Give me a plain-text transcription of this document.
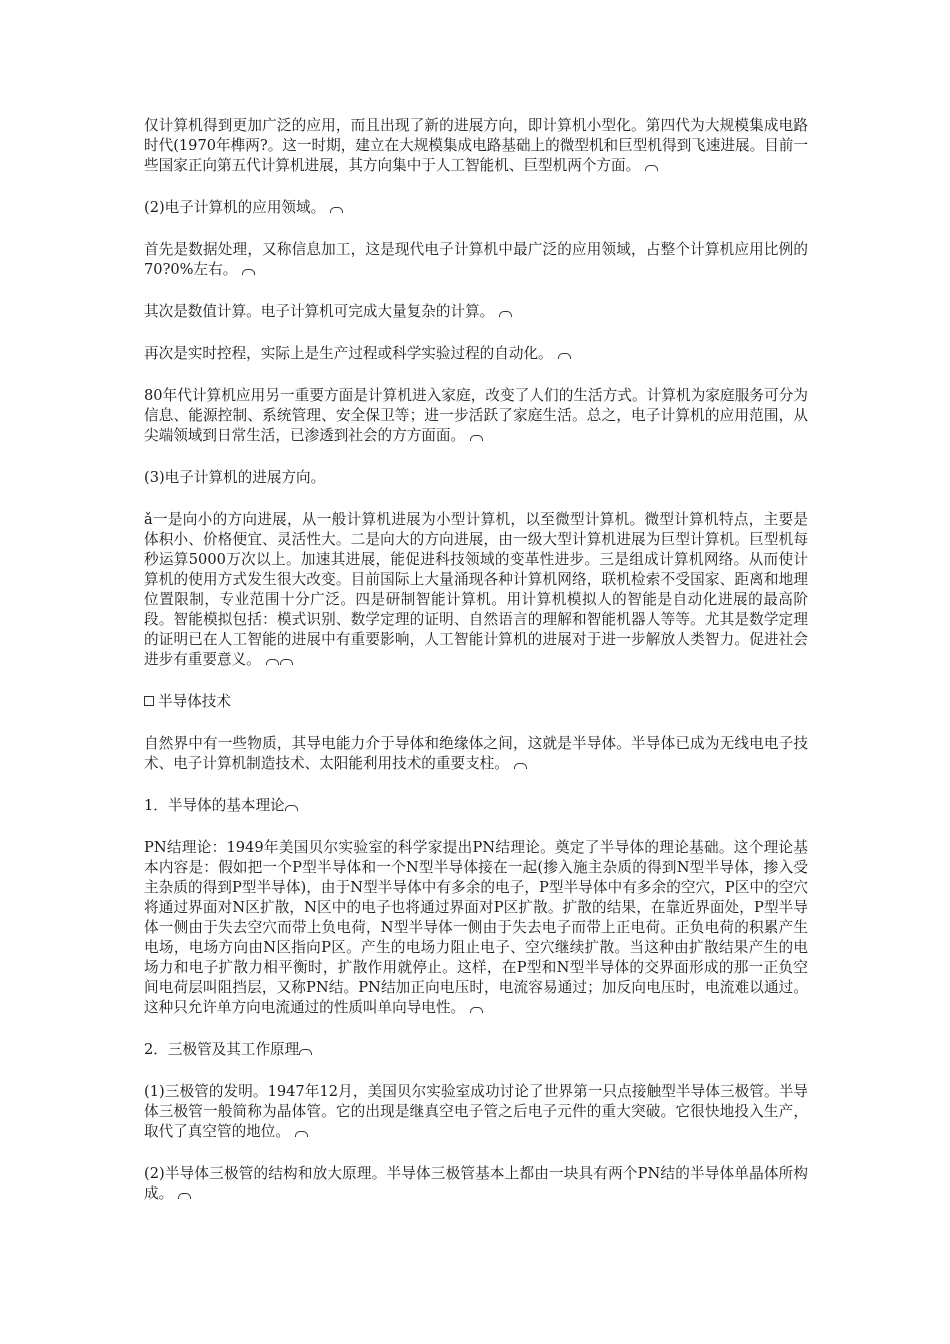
仅计算机得到更加广泛的应用，而且出现了新的进展方向，即计算机小型化。第四代为大规模集成电路时代(1970年榫两?。这一时期，建立在大规模集成电路基础上的微型机和巨型机得到飞速进展。目前一些国家正向第五代计算机进展，其方向集中于人工智能机、巨型机两个方面。

(2)电子计算机的应用领域。

首先是数据处理，又称信息加工，这是现代电子计算机中最广泛的应用领域，占整个计算机应用比例的70?0%左右。

其次是数值计算。电子计算机可完成大量复杂的计算。

再次是实时控程，实际上是生产过程或科学实验过程的自动化。

80年代计算机应用另一重要方面是计算机进入家庭，改变了人们的生活方式。计算机为家庭服务可分为信息、能源控制、系统管理、安全保卫等；进一步活跃了家庭生活。总之，电子计算机的应用范围，从尖端领域到日常生活，已渗透到社会的方方面面。

(3)电子计算机的进展方向。

ǎ一是向小的方向进展，从一般计算机进展为小型计算机，以至微型计算机。微型计算机特点，主要是体积小、价格便宜、灵活性大。二是向大的方向进展，由一级大型计算机进展为巨型计算机。巨型机每秒运算5000万次以上。加速其进展，能促进科技领域的变革性进步。三是组成计算机网络。从而使计算机的使用方式发生很大改变。目前国际上大量涌现各种计算机网络，联机检索不受国家、距离和地理位置限制，专业范围十分广泛。四是研制智能计算机。用计算机模拟人的智能是自动化进展的最高阶段。智能模拟包括：模式识别、数学定理的证明、自然语言的理解和智能机器人等等。尤其是数学定理的证明已在人工智能的进展中有重要影响，人工智能计算机的进展对于进一步解放人类智力。促进社会进步有重要意义。

半导体技术

自然界中有一些物质，其导电能力介于导体和绝缘体之间，这就是半导体。半导体已成为无线电电子技术、电子计算机制造技术、太阳能利用技术的重要支柱。

1．半导体的基本理论

PN结理论：1949年美国贝尔实验室的科学家提出PN结理论。奠定了半导体的理论基础。这个理论基本内容是：假如把一个P型半导体和一个N型半导体接在一起(掺入施主杂质的得到N型半导体，掺入受主杂质的得到P型半导体)，由于N型半导体中有多余的电子，P型半导体中有多余的空穴，P区中的空穴将通过界面对N区扩散，N区中的电子也将通过界面对P区扩散。扩散的结果，在靠近界面处，P型半导体一侧由于失去空穴而带上负电荷，N型半导体一侧由于失去电子而带上正电荷。正负电荷的积累产生电场，电场方向由N区指向P区。产生的电场力阻止电子、空穴继续扩散。当这种由扩散结果产生的电场力和电子扩散力相平衡时，扩散作用就停止。这样，在P型和N型半导体的交界面形成的那一正负空间电荷层叫阻挡层，又称PN结。PN结加正向电压时，电流容易通过；加反向电压时，电流难以通过。这种只允许单方向电流通过的性质叫单向导电性。

2．三极管及其工作原理

(1)三极管的发明。1947年12月，美国贝尔实验室成功讨论了世界第一只点接触型半导体三极管。半导体三极管一般简称为晶体管。它的出现是继真空电子管之后电子元件的重大突破。它很快地投入生产，取代了真空管的地位。

(2)半导体三极管的结构和放大原理。半导体三极管基本上都由一块具有两个PN结的半导体单晶体所构成。
